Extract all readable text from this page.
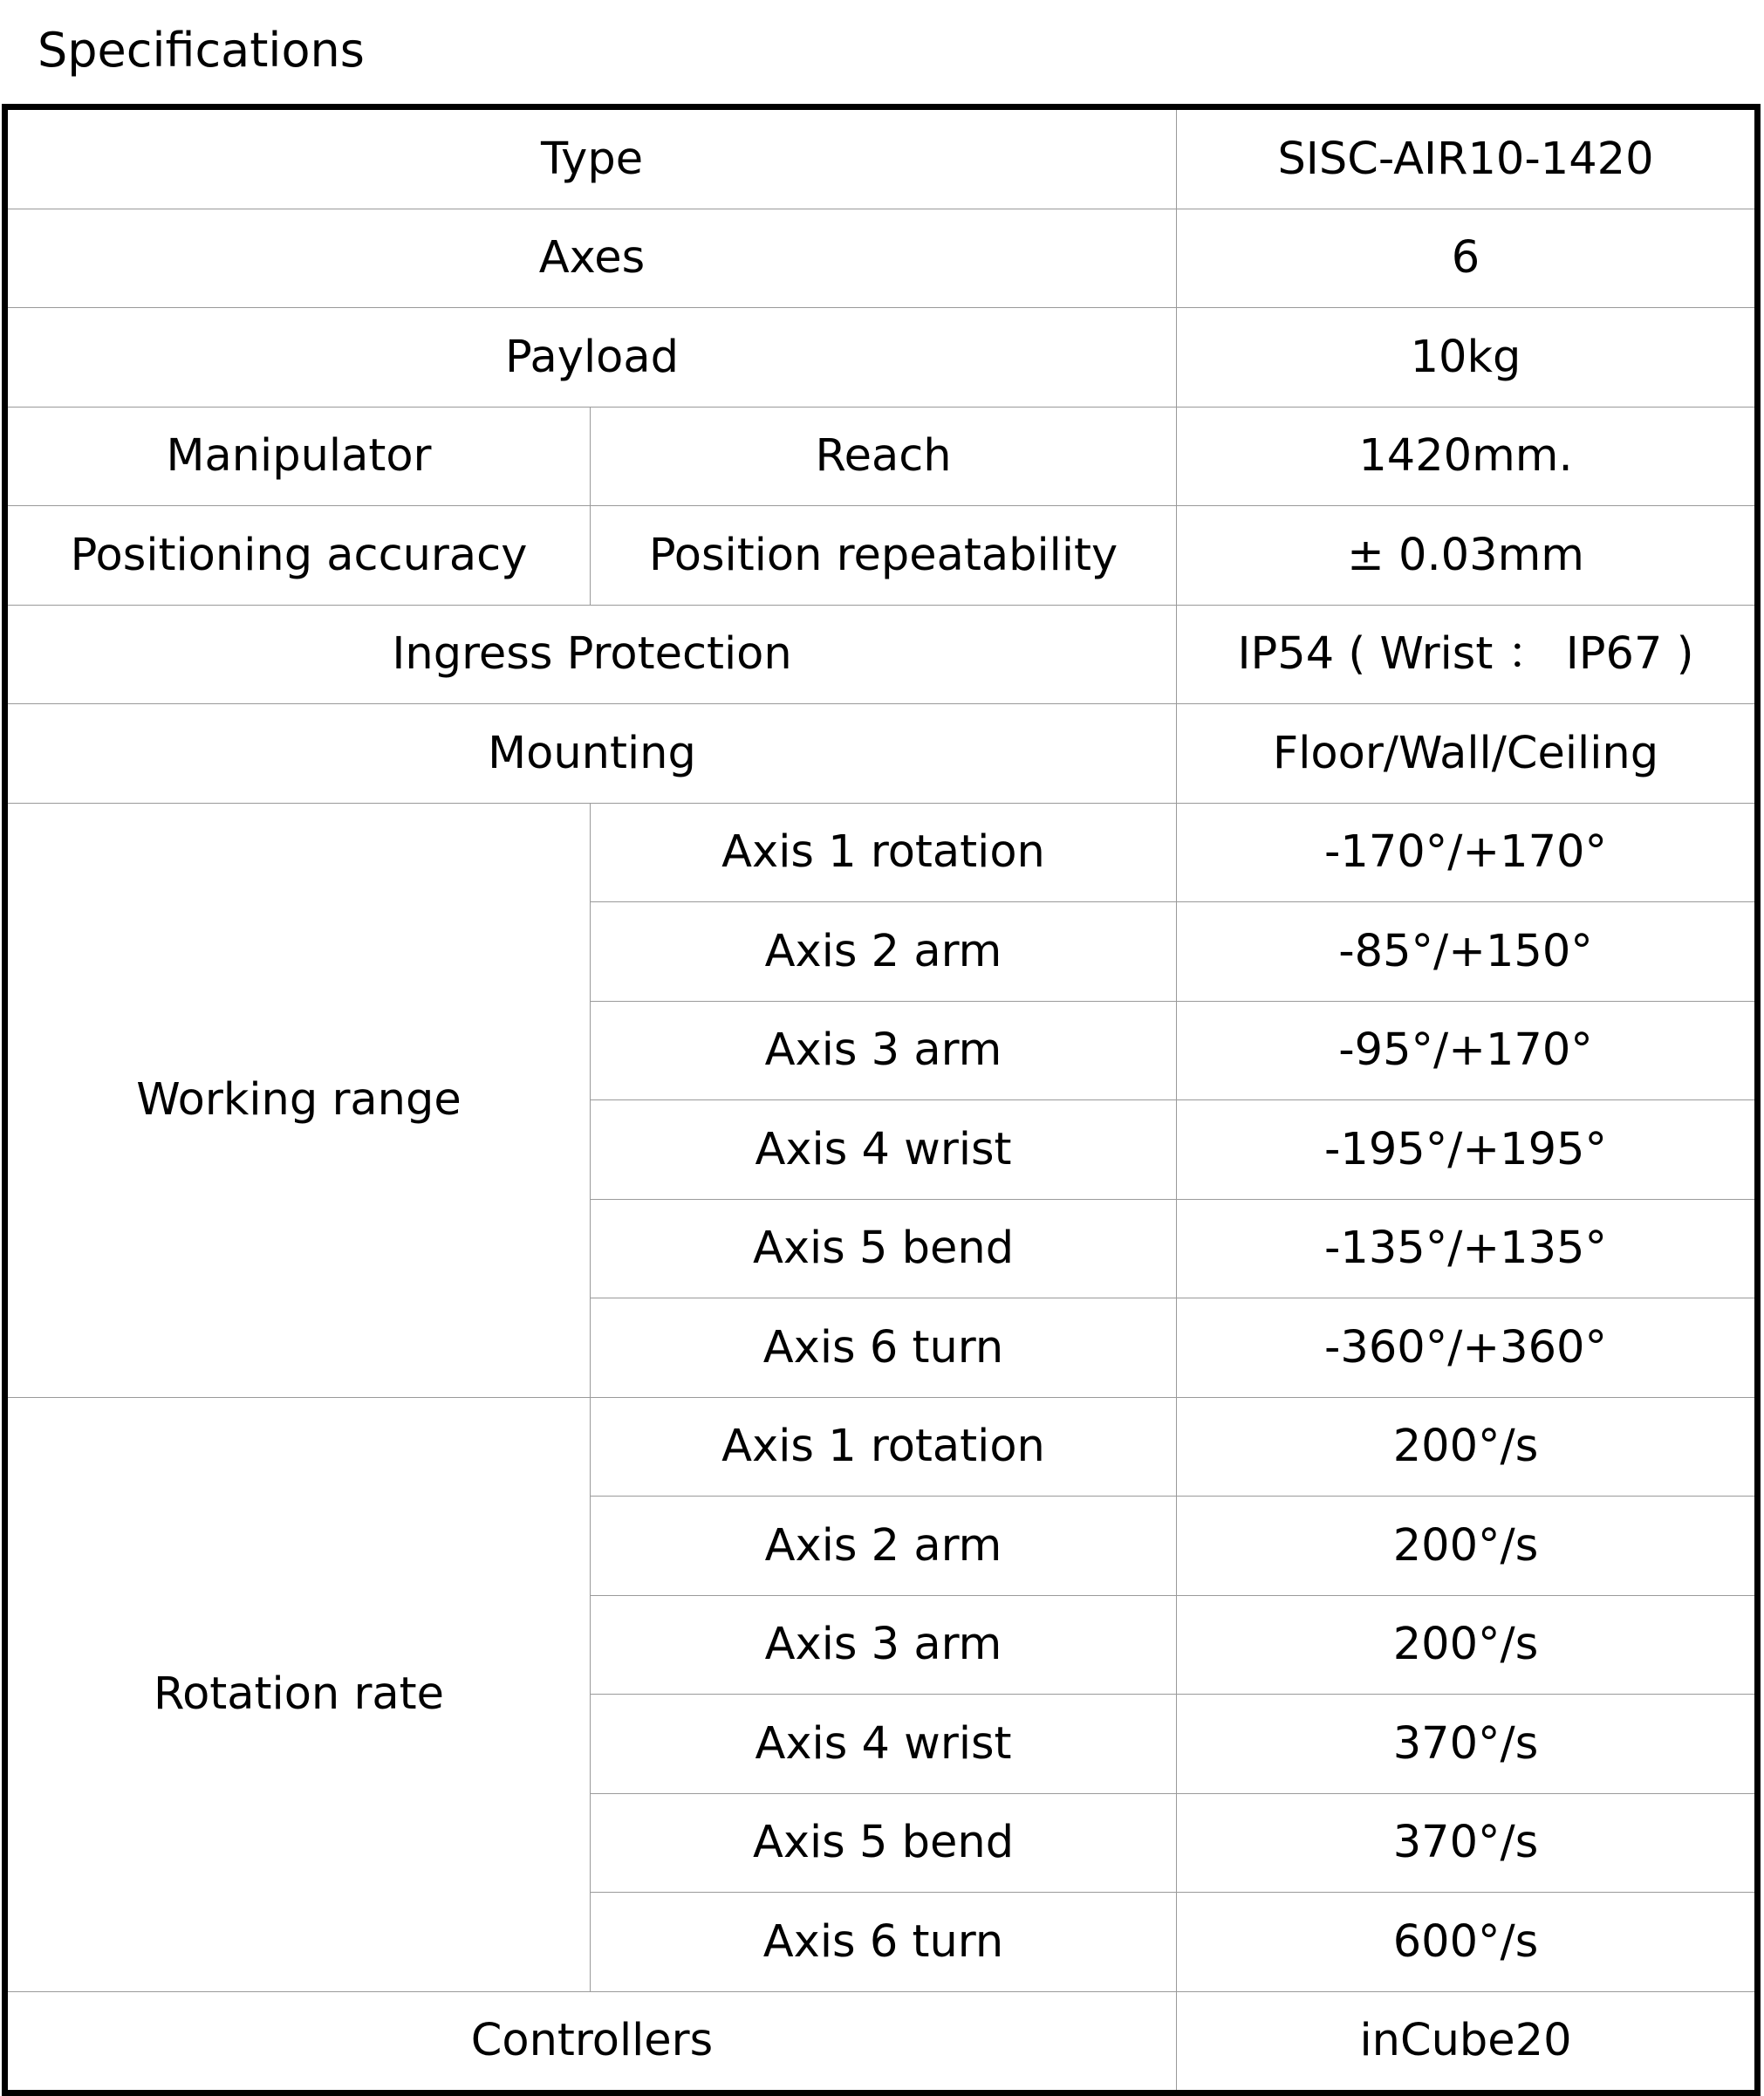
Specifications
Type		SISC-AIR10-1420
Axes		6
Payload		10kg
Manipulator	Reach	1420mm.
Positioning accuracy	Position repeatability	± 0.03mm
Ingress Protection		IP54 ( Wrist ： IP67 )
Mounting		Floor/Wall/Ceiling
Working range	Axis 1 rotation	-170°/+170°
	Axis 2 arm	-85°/+150°
	Axis 3 arm	-95°/+170°
	Axis 4 wrist	-195°/+195°
	Axis 5 bend	-135°/+135°
	Axis 6 turn	-360°/+360°
Rotation rate	Axis 1 rotation	200°/s
	Axis 2 arm	200°/s
	Axis 3 arm	200°/s
	Axis 4 wrist	370°/s
	Axis 5 bend	370°/s
	Axis 6 turn	600°/s
Controllers		inCube20
